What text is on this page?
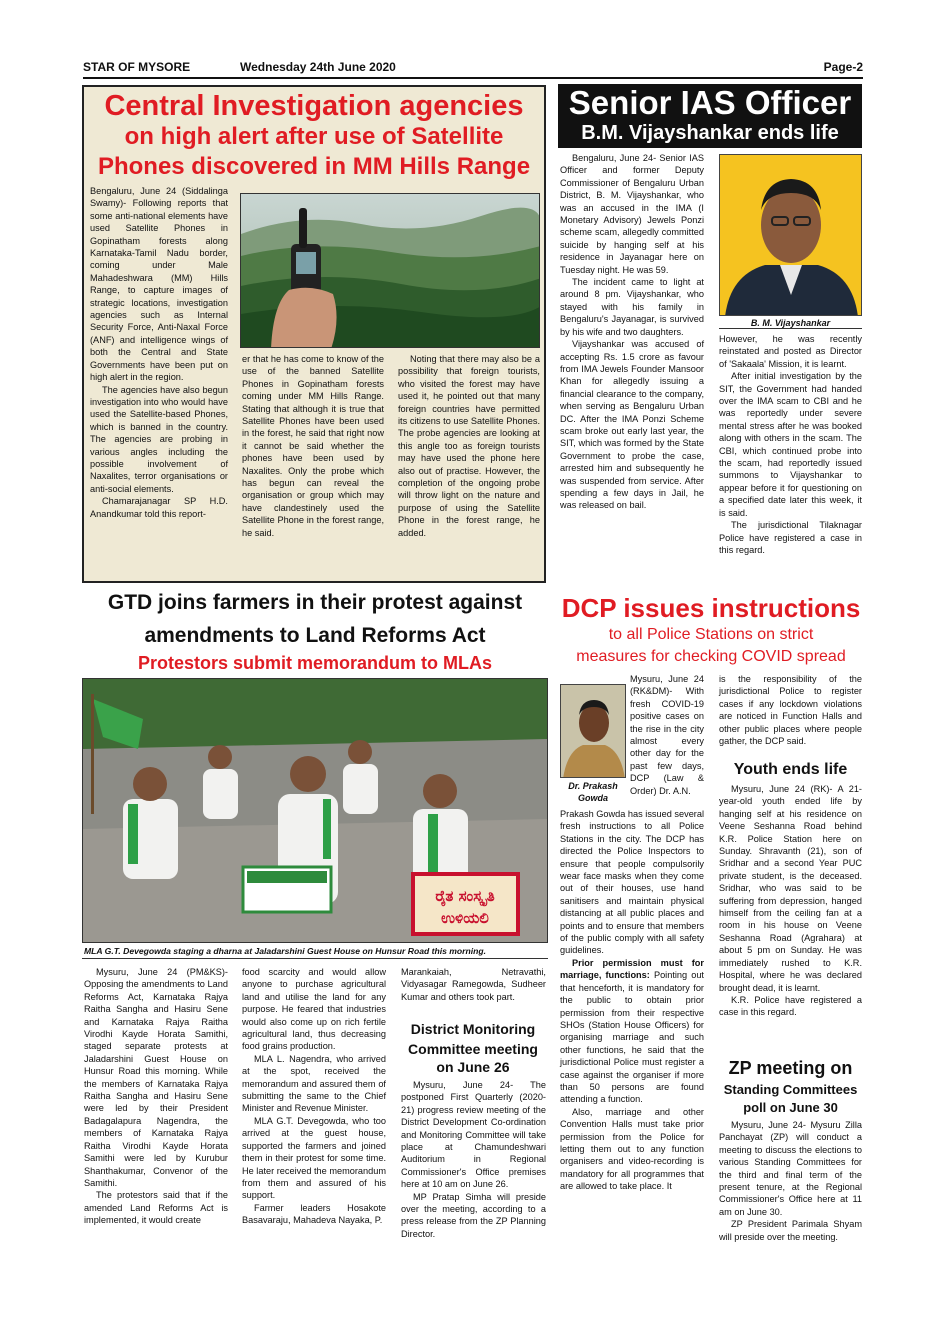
STAR OF MYSORE	Wednesday 24th June 2020	Page-2
Central Investigation agencies
on high alert after use of Satellite
Phones discovered in MM Hills Range

Bengaluru, June 24 (Siddalinga Swamy)- Following reports that some anti-national elements have used Satellite Phones in Gopinatham forests along Karnataka-Tamil Nadu border, coming under Male Mahadeshwara (MM) Hills Range, to capture images of strategic locations, investigation agencies such as Internal Security Force, Anti-Naxal Force (ANF) and intelligence wings of both the Central and State Governments have been put on high alert in the region.

The agencies have also begun investigation into who would have used the Satellite-based Phones, which is banned in the country. The agencies are probing in various angles including the possible involvement of Naxalites, terror organisations or anti-social elements.

Chamarajanagar SP H.D. Anandkumar told this report-

er that he has come to know of the use of the banned Satellite Phones in Gopinatham forests coming under MM Hills Range. Stating that although it is true that Satellite Phones have been used in the forest, he said that right now it cannot be said whether the phones have been used by Naxalites. Only the probe which has begun can reveal the organisation or group which may have clandestinely used the Satellite Phone in the forest range, he said.

Noting that there may also be a possibility that foreign tourists, who visited the forest may have used it, he pointed out that many foreign countries have permitted its citizens to use Satellite Phones. The probe agencies are looking at this angle too as foreign tourists may have used the phone here also out of practise. However, the completion of the ongoing probe will throw light on the nature and purpose of using the Satellite Phone in the forest range, he added.

Senior IAS Officer
B.M. Vijayshankar ends life

Bengaluru, June 24- Senior IAS Officer and former Deputy Commissioner of Bengaluru Urban District, B. M. Vijayshankar, who was an accused in the IMA (I Monetary Advisory) Jewels Ponzi scheme scam, allegedly committed suicide by hanging self at his residence in Jayanagar here on Tuesday night. He was 59.

The incident came to light at around 8 pm. Vijayshankar, who stayed with his family in Bengaluru's Jayanagar, is survived by his wife and two daughters.

Vijayshankar was accused of accepting Rs. 1.5 crore as favour from IMA Jewels Founder Mansoor Khan for allegedly issuing a financial clearance to the company, when serving as Bengaluru Urban DC. After the IMA Ponzi Scheme scam broke out early last year, the SIT, which was formed by the State Government to probe the case, arrested him and subsequently he was suspended from service. After spending a few days in Jail, he was released on bail.

B. M. Vijayshankar

However, he was recently reinstated and posted as Director of 'Sakaala' Mission, it is learnt.

After initial investigation by the SIT, the Government had handed over the IMA scam to CBI and he was reportedly under severe mental stress after he was booked along with others in the scam. The CBI, which continued probe into the scam, had reportedly issued summons to Vijayshankar to appear before it for questioning on a specified date later this week, it is said.

The jurisdictional Tilaknagar Police have registered a case in this regard.

GTD joins farmers in their protest against
amendments to Land Reforms Act
Protestors submit memorandum to MLAs
ರೈತ ಸಂಸ್ಕೃತಿ
ಉಳಿಯಲಿ
MLA G.T. Devegowda staging a dharna at Jaladarshini Guest House on Hunsur Road this morning.

Mysuru, June 24 (PM&KS)- Opposing the amendments to Land Reforms Act, Karnataka Rajya Raitha Sangha and Hasiru Sene and Karnataka Rajya Raitha Virodhi Kayde Horata Samithi, staged separate protests at Jaladarshini Guest House on Hunsur Road this morning. While the members of Karnataka Rajya Raitha Sangha and Hasiru Sene were led by their President Badagalapura Nagendra, the members of Karnataka Rajya Raitha Virodhi Kayde Horata Samithi were led by Kurubur Shanthakumar, Convenor of the Samithi.

The protestors said that if the amended Land Reforms Act is implemented, it would create

food scarcity and would allow anyone to purchase agricultural land and utilise the land for any purpose. He feared that industries would also come up on rich fertile agricultural land, thus decreasing food grains production.

MLA L. Nagendra, who arrived at the spot, received the memorandum and assured them of submitting the same to the Chief Minister and Revenue Minister.

MLA G.T. Devegowda, who too arrived at the guest house, supported the farmers and joined them in their protest for some time. He later received the memorandum from them and assured of his support.

Farmer leaders Hosakote Basavaraju, Mahadeva Nayaka, P.

Marankaiah, Netravathi, Vidyasagar Ramegowda, Sudheer Kumar and others took part.

District Monitoring
Committee meeting
on June 26

Mysuru, June 24- The postponed First Quarterly (2020-21) progress review meeting of the District Development Co-ordination and Monitoring Committee will take place at Chamundeshwari Auditorium in Regional Commissioner's Office premises here at 10 am on June 26.

MP Pratap Simha will preside over the meeting, according to a press release from the ZP Planning Director.

DCP issues instructions
to all Police Stations on strict
measures for checking COVID spread
Dr. Prakash
Gowda

Mysuru, June 24 (RK&DM)- With fresh COVID-19 positive cases on the rise in the city almost every other day for the past few days, DCP (Law & Order) Dr. A.N.

Prakash Gowda has issued several fresh instructions to all Police Stations in the city. The DCP has directed the Police Inspectors to ensure that people compulsorily wear face masks when they come out of their houses, use hand sanitisers and maintain physical distancing at all public places and points and to ensure that members of the public comply with all safety guidelines.

Prior permission must for marriage, functions: Pointing out that henceforth, it is mandatory for the public to obtain prior permission from their respective SHOs (Station House Officers) for organising marriage and such other functions, he said that the jurisdictional Police must register a case against the organiser if more than 50 persons are found attending a function.

Also, marriage and other Convention Halls must take prior permission from the Police for letting them out to any function organisers and video-recording is mandatory for all programmes that are allowed to take place. It

is the responsibility of the jurisdictional Police to register cases if any lockdown violations are noticed in Function Halls and other public places where people gather, the DCP said.

Youth ends life

Mysuru, June 24 (RK)- A 21-year-old youth ended life by hanging self at his residence on Veene Seshanna Road behind K.R. Police Station here on Sunday. Shravanth (21), son of Sridhar and a second Year PUC private student, is the deceased. Sridhar, who was said to be suffering from depression, hanged himself from the ceiling fan at a room in his house on Veene Seshanna Road (Agrahara) at about 5 pm on Sunday. He was immediately rushed to K.R. Hospital, where he was declared brought dead, it is learnt.

K.R. Police have registered a case in this regard.

ZP meeting on
Standing Committees
poll on June 30

Mysuru, June 24- Mysuru Zilla Panchayat (ZP) will conduct a meeting to discuss the elections to various Standing Committees for the third and final term of the present tenure, at the Regional Commissioner's Office here at 11 am on June 30.

ZP President Parimala Shyam will preside over the meeting.
